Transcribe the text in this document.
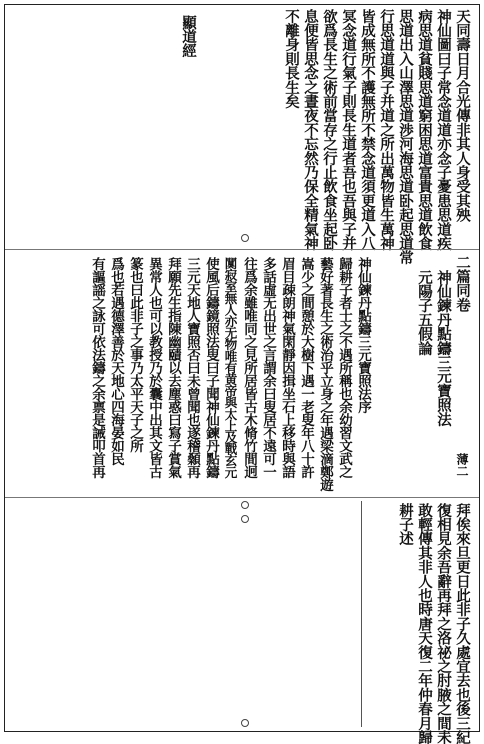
天同壽日月合光傳非其人身受其殃
神仙圖曰子常念道道亦念子憂患思道疾
病思道貧賤思道窮困思道富貴思道飲食
思道出入山澤思道渉河海思道卧起思道常
行思道道與子并道之所出萬物皆生萬神
皆成無所不護無所不禁念道須更道入八
冥念道行氣子則長生道者吾也吾與子并
欲爲長生之術前當存之行止飲食坐起卧
息便皆思念之晝夜不忘然乃保全精氣神
不離身則長生矣
顯道經
二篇同卷
神仙鍊丹點鑄三元寶照法
元陽子五假論
薄二
神仙鍊丹點鑄三元寶照法序
歸耕子者士之不遇所稱也余幼習文武之
藝好著長生之術治乎立身之年遇梁滴鄭遊
嵩少之間憩於大樹下遇一老叟年八十許
眉目疎朗神氣閑靜因揖坐石上移時與語
多話虛无出世之言謂余曰叟居不遠可一
往爲余雖唯同之見所居皆古木脩竹間迥
闃寂室無人亦无物唯有黄帝與太上及戰玄元
使風后鑄鏡照法叟曰子聞神仙鍊丹點鑄
三元天地人寶照否曰未曾聞也遂稽顙再
拜願先生指陳幽賾以去塵惑曰寫子賞氣
異常人也可以教授乃於囊中出其文皆古
篆也曰此非子之事乃太平天子之所
爲也若遇德澤善於天地心四海晏如民
有謳謡之詠可依法鑄之余禀是誡叩首再
拜俟來旦更日此非子久處宜去也後三紀
復相見余吾辭再拜之洛祕之肘腋之間未
敢輕傳其非人也時唐天復二年仲春月歸
耕子述
